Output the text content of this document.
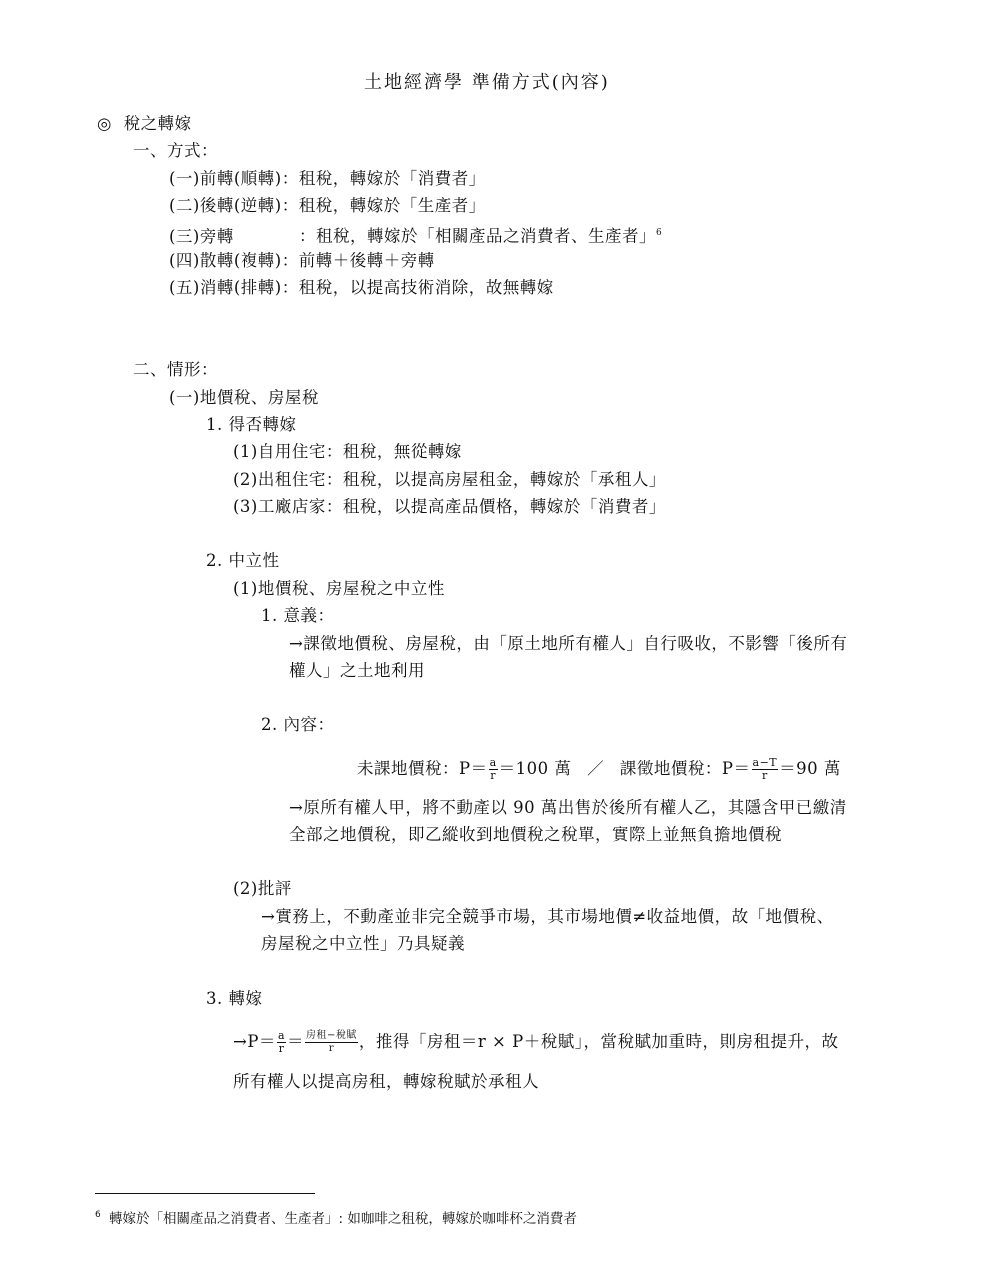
土地經濟學 準備方式(內容)
◎ 稅之轉嫁
一、方式：
(一)前轉(順轉)：租稅，轉嫁於「消費者」
(二)後轉(逆轉)：租稅，轉嫁於「生產者」
(三)旁轉	：租稅，轉嫁於「相關產品之消費者、生產者」$^6$
(四)散轉(複轉)：前轉＋後轉＋旁轉
(五)消轉(排轉)：租稅，以提高技術消除，故無轉嫁
二、情形：
(一)地價稅、房屋稅
1. 得否轉嫁
(1)自用住宅：租稅，無從轉嫁
(2)出租住宅：租稅，以提高房屋租金，轉嫁於「承租人」
(3)工廠店家：租稅，以提高產品價格，轉嫁於「消費者」
2. 中立性
(1)地價稅、房屋稅之中立性
1. 意義：
→課徵地價稅、房屋稅，由「原土地所有權人」自行吸收，不影響「後所有
權人」之土地利用
2. 內容：
未課地價稅：$P= \frac{a}{r} =100$ 萬 ／ 課徵地價稅：$P= \frac{a-T}{r} =90$ 萬
→原所有權人甲，將不動產以 90 萬出售於後所有權人乙，其隱含甲已繳清
全部之地價稅，即乙縱收到地價稅之稅單，實際上並無負擔地價稅
(2)批評
→實務上，不動產並非完全競爭市場，其市場地價≠收益地價，故「地價稅、
房屋稅之中立性」乃具疑義
3. 轉嫁
$\to P= \frac{a}{r} = \frac{\text{房租−稅賦}}{r}$ ，推得「房租＝r × P＋稅賦」，當稅賦加重時，則房租提升，故
所有權人以提高房租，轉嫁稅賦於承租人
$^6$ 轉嫁於「相關產品之消費者、生產者」: 如咖啡之租稅，轉嫁於咖啡杯之消費者
